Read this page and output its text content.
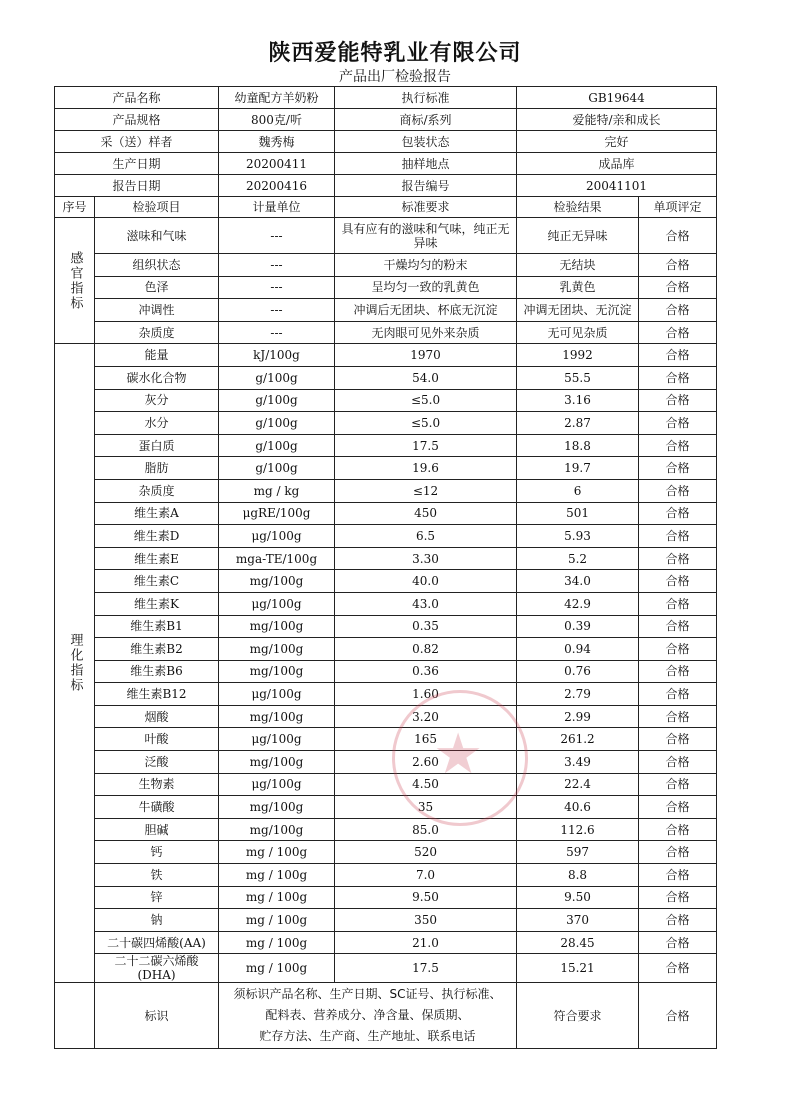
陕西爱能特乳业有限公司
产品出厂检验报告
产品名称		幼童配方羊奶粉	执行标准	GB19644	
产品规格		800克/听	商标/系列	爱能特/亲和成长	
采（送）样者		魏秀梅	包装状态	完好	
生产日期		20200411	抽样地点	成品库	
报告日期		20200416	报告编号	20041101	
序号	检验项目	计量单位	标准要求	检验结果	单项评定
感官指标	滋味和气味	---	具有应有的滋味和气味，纯正无异味	纯正无异味	合格
	组织状态	---	干燥均匀的粉末	无结块	合格
	色泽	---	呈均匀一致的乳黄色	乳黄色	合格
	冲调性	---	冲调后无团块、杯底无沉淀	冲调无团块、无沉淀	合格
	杂质度	---	无肉眼可见外来杂质	无可见杂质	合格
理化指标	能量	kJ/100g	1970	1992	合格
	碳水化合物	g/100g	54.0	55.5	合格
	灰分	g/100g	≤5.0	3.16	合格
	水分	g/100g	≤5.0	2.87	合格
	蛋白质	g/100g	17.5	18.8	合格
	脂肪	g/100g	19.6	19.7	合格
	杂质度	mg / kg	≤12	6	合格
	维生素A	μgRE/100g	450	501	合格
	维生素D	μg/100g	6.5	5.93	合格
	维生素E	mga-TE/100g	3.30	5.2	合格
	维生素C	mg/100g	40.0	34.0	合格
	维生素K	μg/100g	43.0	42.9	合格
	维生素B1	mg/100g	0.35	0.39	合格
	维生素B2	mg/100g	0.82	0.94	合格
	维生素B6	mg/100g	0.36	0.76	合格
	维生素B12	μg/100g	1.60	2.79	合格
	烟酸	mg/100g	3.20	2.99	合格
	叶酸	μg/100g	165	261.2	合格
	泛酸	mg/100g	2.60	3.49	合格
	生物素	μg/100g	4.50	22.4	合格
	牛磺酸	mg/100g	35	40.6	合格
	胆碱	mg/100g	85.0	112.6	合格
	钙	mg / 100g	520	597	合格
	铁	mg / 100g	7.0	8.8	合格
	锌	mg / 100g	9.50	9.50	合格
	钠	mg / 100g	350	370	合格
	二十碳四烯酸(AA)	mg / 100g	21.0	28.45	合格
	二十二碳六烯酸(DHA)	mg / 100g	17.5	15.21	合格
	标识	须标识产品名称、生产日期、SC证号、执行标准、
配料表、营养成分、净含量、保质期、
贮存方法、生产商、生产地址、联系电话		符合要求	合格
★
